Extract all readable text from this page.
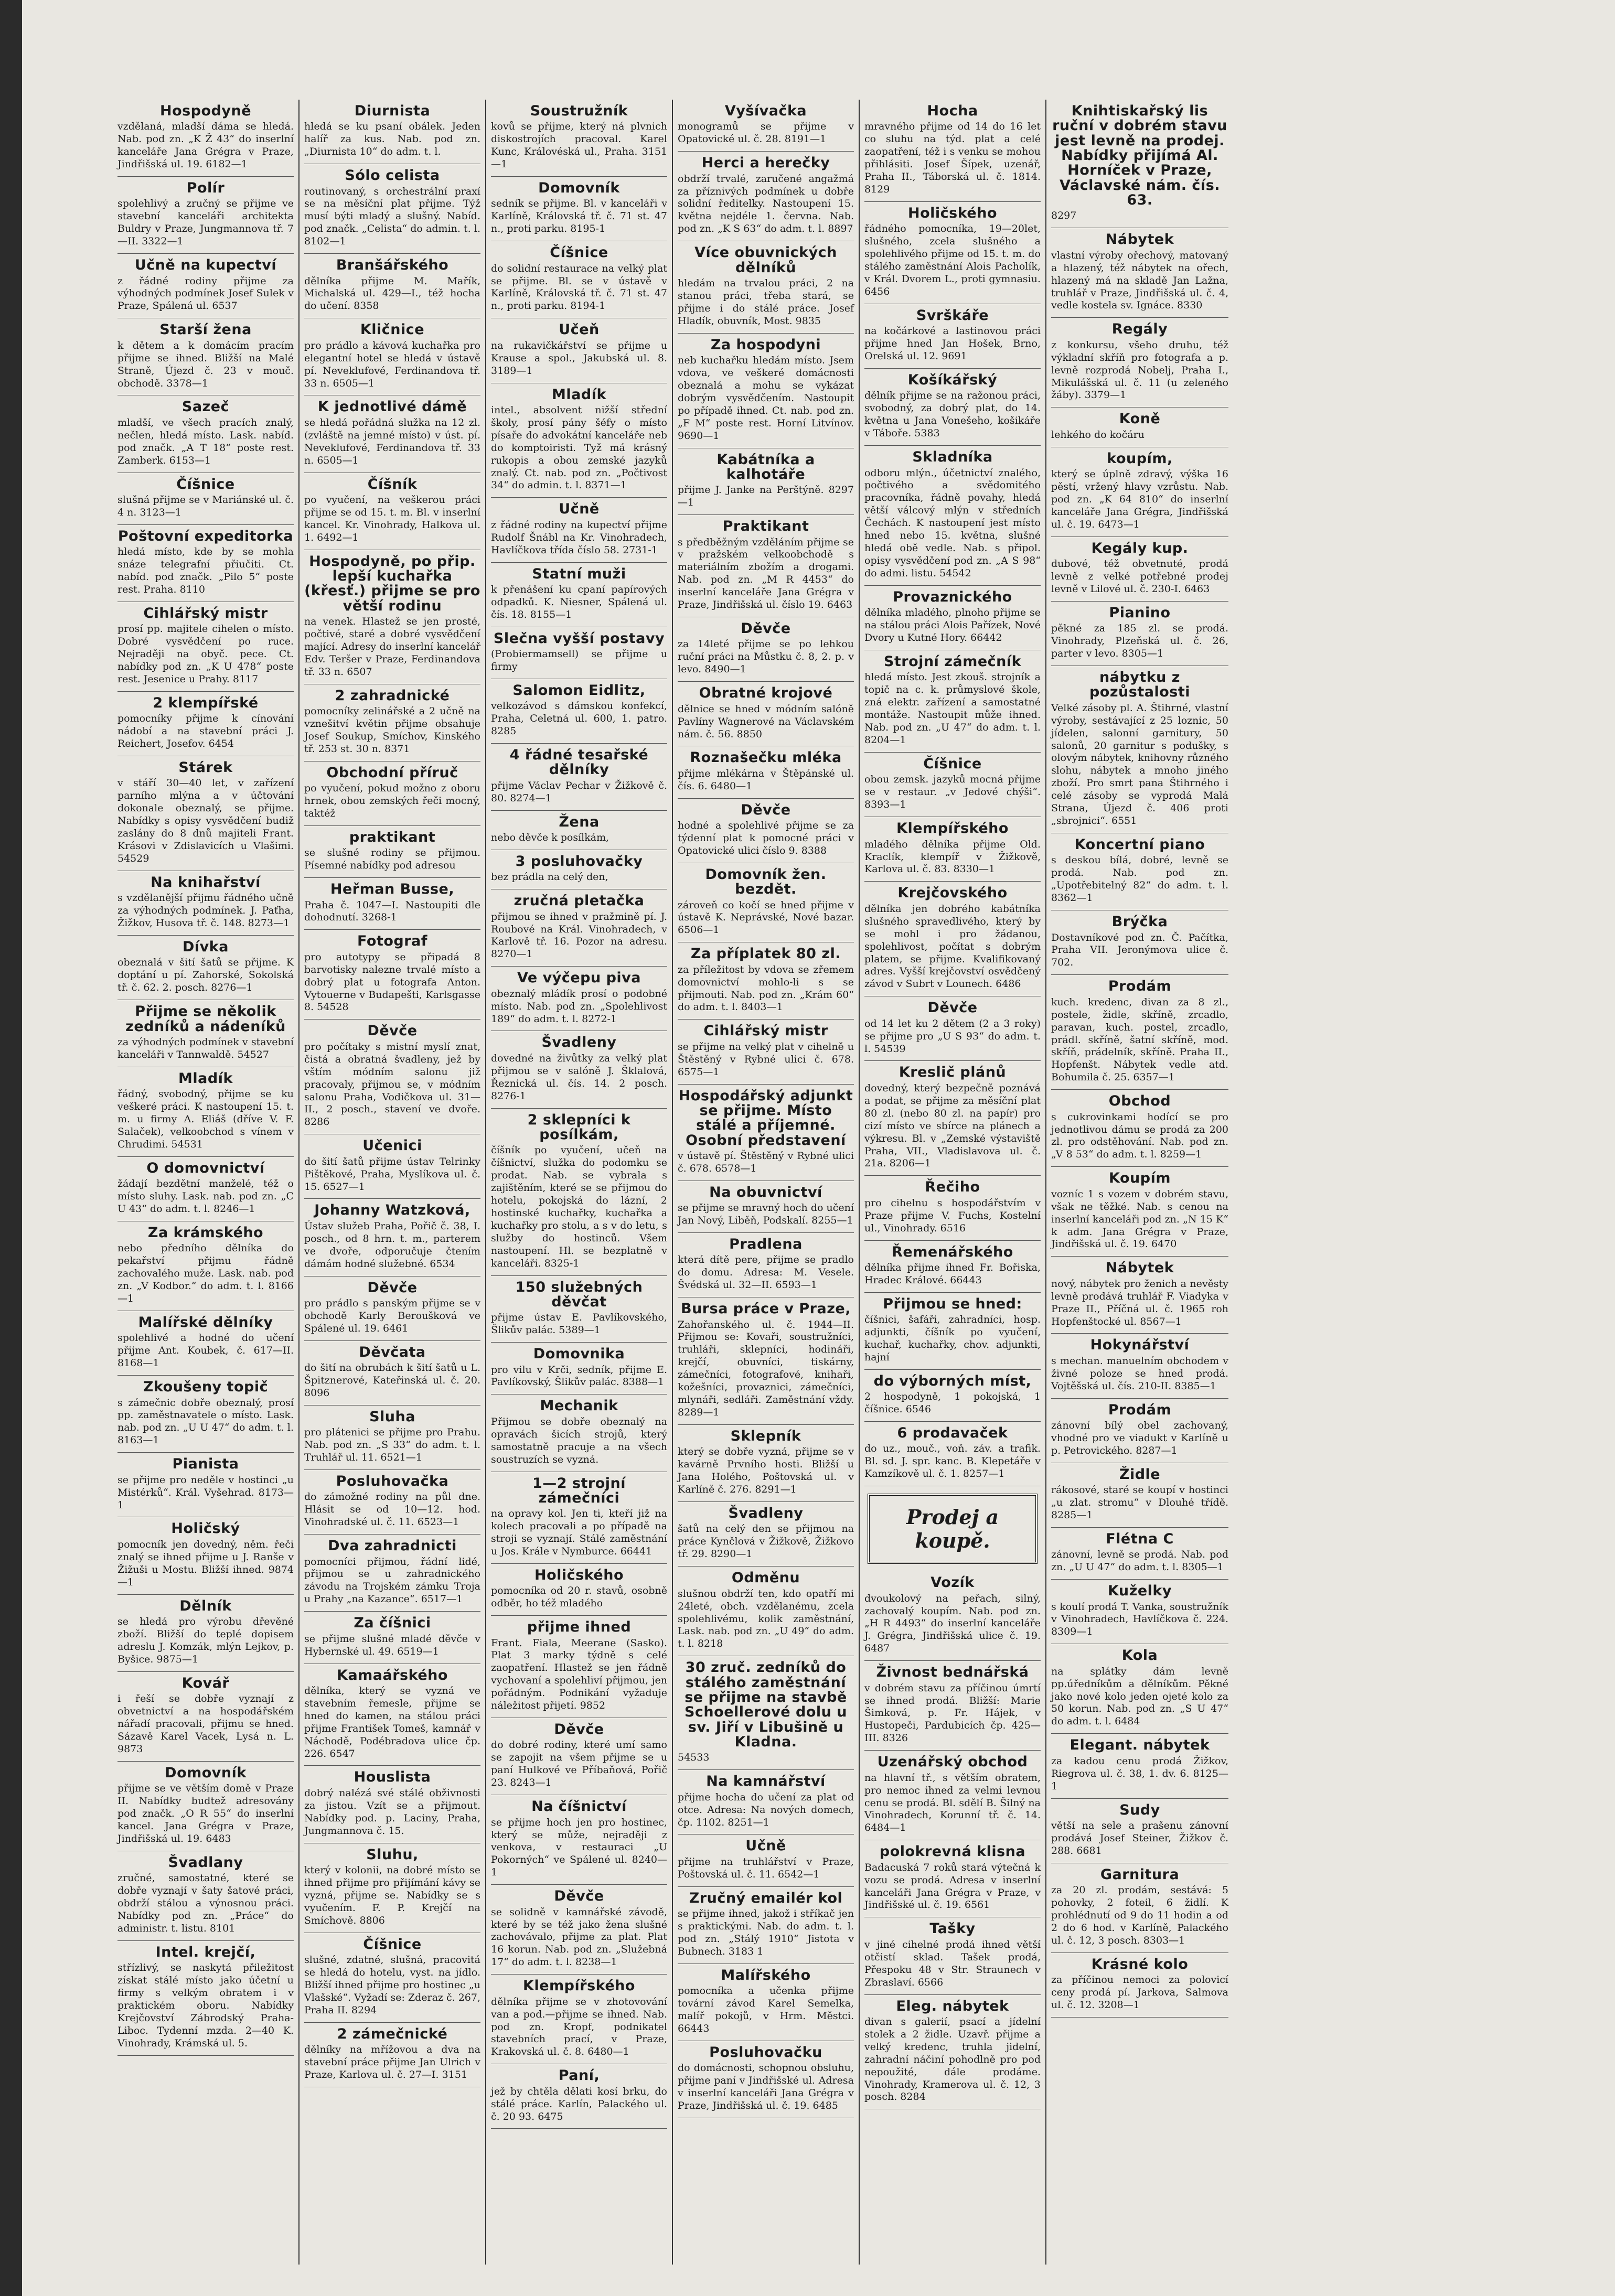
Hospodyně

vzdělaná, mladší dáma se hledá. Nab. pod zn. „K Ž 43“ do inserlní kanceláře Jana Grégra v Praze, Jindřišská ul. 19. 6182—1

Polír

spolehlivý a zručný se přijme ve stavební kanceláři architekta Buldry v Praze, Jungmannova tř. 7—II. 3322—1

Učně na kupectví

z řádné rodiny přijme za výhodných podmínek Josef Sulek v Praze, Spálená ul. 6537

Starší žena

k dětem a k domácím pracím přijme se ihned. Bližší na Malé Straně, Újezd č. 23 v mouč. obchodě. 3378—1

Sazeč

mladší, ve všech pracích znalý, nečlen, hledá místo. Lask. nabíd. pod značk. „A T 18“ poste rest. Zamberk. 6153—1

Číšnice

slušná přijme se v Mariánské ul. č. 4 n. 3123—1

Poštovní expeditorka

hledá místo, kde by se mohla snáze telegrafní přiučiti. Ct. nabíd. pod značk. „Pilo 5“ poste rest. Praha. 8110

Cihlářský mistr

prosí pp. majitele cihelen o místo. Dobré vysvědčení po ruce. Nejraději na obyč. pece. Ct. nabídky pod zn. „K U 478“ poste rest. Jesenice u Prahy. 8117

2 klempířské

pomocníky přijme k cínování nádobí a na stavební práci J. Reichert, Josefov. 6454

Stárek

v stáří 30—40 let, v zařízení parního mlýna a v účtování dokonale obeznalý, se přijme. Nabídky s opisy vysvědčení budiž zaslány do 8 dnů majiteli Frant. Krásovi v Zdislavicích u Vlašimi. 54529

Na knihařství

s vzdělanější přijmu řádného učně za výhodných podmínek. J. Paťha, Žižkov, Husova tř. č. 148. 8273—1

Dívka

obeznalá v šití šatů se přijme. K doptání u pí. Zahorské, Sokolská tř. č. 62. 2. posch. 8276—1

Přijme se několik zedníků a nádeníků

za výhodných podmínek v stavební kanceláři v Tannwaldě. 54527

Mladík

řádný, svobodný, přijme se ku veškeré práci. K nastoupení 15. t. m. u firmy A. Eliáš (dříve V. F. Salaček), velkoobchod s vínem v Chrudimi. 54531

O domovnictví

žádají bezdětní manželé, též o místo sluhy. Lask. nab. pod zn. „C U 43“ do adm. t. l. 8246—1

Za krámského

nebo předního dělníka do pekařství přijmu řádně zachovalého muže. Lask. nab. pod zn. „V Kodbor.“ do adm. t. l. 8166—1

Malířské dělníky

spolehlivé a hodné do učení přijme Ant. Koubek, č. 617—II. 8168—1

Zkoušeny topič

s zámečnic dobře obeznalý, prosí pp. zaměstnavatele o místo. Lask. nab. pod zn. „U U 47“ do adm. t. l. 8163—1

Pianista

se přijme pro neděle v hostinci „u Mistérků“. Král. Vyšehrad. 8173—1

Holičský

pomocník jen dovedný, něm. řeči znalý se ihned přijme u J. Ranše v Žižuši u Mostu. Bližší ihned. 9874—1

Dělník

se hledá pro výrobu dřevěné zboží. Bližší do teplé dopisem adreslu J. Komzák, mlýn Lejkov, p. Byšice. 9875—1

Kovář

i řeší se dobře vyznají z obvetnictví a na hospodářském nářadí pracovali, přijmu se hned. Sázavě Karel Vacek, Lysá n. L. 9873

Domovník

přijme se ve větším domě v Praze II. Nabídky budtež adresovány pod značk. „O R 55“ do inserlní kancel. Jana Grégra v Praze, Jindřišská ul. 19. 6483

Švadlany

zručné, samostatné, které se dobře vyznají v šaty šatové práci, obdrží stálou a výnosnou práci. Nabídky pod zn. „Práce“ do administr. t. listu. 8101

Intel. krejčí,

střízlivý, se naskytá přiležitost získat stálé místo jako účetní u firmy s velkým obratem i v praktickém oboru. Nabídky Krejčovství Zábrodský Praha-Liboc. Tydenní mzda. 2—40 K. Vinohrady, Krámská ul. 5.

Diurnista

hledá se ku psaní obálek. Jeden halíř za kus. Nab. pod zn. „Diurnista 10“ do adm. t. l.

Sólo celista

routinovaný, s orchestrální praxí se na měsíční plat přijme. Týž musí býti mladý a slušný. Nabíd. pod značk. „Celista“ do admin. t. l. 8102—1

Branšářského

dělníka přijme M. Mařík, Michalská ul. 429—I., též hocha do učení. 8358

Kličnice

pro prádlo a kávová kuchařka pro elegantní hotel se hledá v ústavě pí. Neveklufové, Ferdinandova tř. 33 n. 6505—1

K jednotlivé dámě

se hledá pořádná služka na 12 zl. (zvláště na jemné místo) v úst. pí. Neveklufové, Ferdinandova tř. 33 n. 6505—1

Číšník

po vyučení, na veškerou práci přijme se od 15. t. m. Bl. v inserlní kancel. Kr. Vinohrady, Halkova ul. 1. 6492—1

Hospodyně, po přip. lepší kuchařka (křesť.) přijme se pro větší rodinu

na venek. Hlastež se jen prosté, počtivé, staré a dobré vysvědčení mající. Adresy do inserlní kancelář Edv. Teršer v Praze, Ferdinandova tř. 33 n. 6507

2 zahradnické

pomocníky zelinářské a 2 učně na vznešitví květin přijme obsahuje Josef Soukup, Smíchov, Kinského tř. 253 st. 30 n. 8371

Obchodní příruč

po vyučení, pokud možno z oboru hrnek, obou zemských řeči mocný, taktéž

praktikant

se slušné rodiny se přijmou. Písemné nabídky pod adresou

Heřman Busse,

Praha č. 1047—I. Nastoupiti dle dohodnutí. 3268-1

Fotograf

pro autotypy se připadá 8 barvotisky nalezne trvalé místo a dobrý plat u fotografa Anton. Vytouerne v Budapešti, Karlsgasse 8. 54528

Děvče

pro počítaky s mistní myslí znat, čistá a obratná švadleny, jež by vštím módním salonu již pracovaly, přijmou se, v módním salonu Praha, Vodičkova ul. 31—II., 2 posch., stavení ve dvoře. 8286

Učenici

do šití šatů přijme ústav Telrinky Pištěkové, Praha, Myslíkova ul. č. 15. 6527—1

Johanny Watzková,

Ústav služeb Praha, Pořič č. 38, I. posch., od 8 hrn. t. m., parterem ve dvoře, odporučuje čtením dámám hodné služebné. 6534

Děvče

pro prádlo s panským přijme se v obchodě Karly Beroušková ve Spálené ul. 19. 6461

Děvčata

do šití na obrubách k šití šatů u L. Špitznerové, Kateřinská ul. č. 20. 8096

Sluha

pro plátenici se přijme pro Prahu. Nab. pod zn. „S 33“ do adm. t. l. Truhlář ul. 11. 6521—1

Posluhovačka

do zámožné rodiny na půl dne. Hlásit se od 10—12. hod. Vinohradské ul. č. 11. 6523—1

Dva zahradnicti

pomocníci přijmou, řádní lidé, přijmou se u zahradnického závodu na Trojském zámku Troja u Prahy „na Kazance“. 6517—1

Za číšnici

se přijme slušné mladé děvče v Hybernské ul. 49. 6519—1

Kamaářského

dělníka, který se vyzná ve stavebním řemesle, přijme se hned do kamen, na stálou práci přijme František Tomeš, kamnář v Náchodě, Podébradova ulice čp. 226. 6547

Houslista

dobrý nalézá své stálé obživnosti za jistou. Vzít se a přijmout. Nabídky pod. p. Laciny, Praha, Jungmannova č. 15.

Sluhu,

který v kolonii, na dobré místo se ihned přijme pro přijímání kávy se vyzná, přijme se. Nabídky se s vyučením. F. P. Krejčí na Smíchově. 8806

Číšnice

slušné, zdatné, slušná, pracovitá se hledá do hotelu, vyst. na jídlo. Bližší ihned přijme pro hostinec „u Vlašské“. Vyžadí se: Zderaz č. 267, Praha II. 8294

2 zámečnické

dělníky na mřížovou a dva na stavební práce přijme Jan Ulrich v Praze, Karlova ul. č. 27—I. 3151

Soustružník

kovů se přijme, který ná plvnich diskostrojích pracoval. Karel Kunc, Královéská ul., Praha. 3151—1

Domovník

sedník se přijme. Bl. v kanceláři v Karlíně, Královská tř. č. 71 st. 47 n., proti parku. 8195-1

Číšnice

do solidní restaurace na velký plat se přijme. Bl. se v ústavě v Karlíně, Královská tř. č. 71 st. 47 n., proti parku. 8194-1

Učeň

na rukavičkářství se přijme u Krause a spol., Jakubská ul. 8. 3189—1

Mladík

intel., absolvent nižší střední školy, prosí pány šéfy o místo písaře do advokátní kanceláře neb do komptoiristi. Tyž má krásný rukopis a obou zemské jazyků znalý. Ct. nab. pod zn. „Počtivost 34“ do admin. t. l. 8371—1

Učně

z řádné rodiny na kupectví přijme Rudolf Šnábl na Kr. Vinohradech, Havlíčkova třída číslo 58. 2731-1

Statní muži

k přenášení ku cpaní papírových odpadků. K. Niesner, Spálená ul. čís. 18. 8155—1

Slečna vyšší postavy

(Probiermamsell) se přijme u firmy

Salomon Eidlitz,

velkozávod s dámskou konfekcí, Praha, Celetná ul. 600, 1. patro. 8285

4 řádné tesařské dělníky

přijme Václav Pechar v Žižkově č. 80. 8274—1

Žena

nebo děvče k posílkám,

3 posluhovačky

bez prádla na celý den,

zručná pletačka

přijmou se ihned v pražmině pí. J. Roubové na Král. Vinohradech, v Karlově tř. 16. Pozor na adresu. 8270—1

Ve výčepu piva

obeznalý mládík prosí o podobné místo. Nab. pod zn. „Spolehlivost 189“ do adm. t. l. 8272-1

Švadleny

dovedné na živůtky za velký plat přijmou se v salóně J. Šklalová, Řeznická ul. čís. 14. 2 posch. 8276-1

2 sklepníci k posílkám,

číšník po vyučení, učeň na číšnictví, služka do podomku se prodat. Nab. se vybrala s zajištěním, které se se přijmou do hotelu, pokojská do lázní, 2 hostinské kuchařky, kuchařka a kuchařky pro stolu, a s v do letu, s služby do hostinců. Všem nastoupení. Hl. se bezplatně v kanceláři. 8325-1

150 služebných děvčat

přijme ústav E. Pavlíkovského, Šlikův palác. 5389—1

Domovnika

pro vilu v Krči, sedník, přijme E. Pavlíkovský, Šlikův palác. 8388—1

Mechanik

Přijmou se dobře obeznalý na opravách šicích strojů, který samostatně pracuje a na všech soustruzích se vyzná.

1—2 strojní zámečníci

na opravy kol. Jen ti, kteří již na kolech pracovali a po případě na stroji se vyznají. Stálé zaměstnání u Jos. Krále v Nymburce. 66441

Holičského

pomocníka od 20 r. stavů, osobně odběr, ho též mladého

přijme ihned

Frant. Fiala, Meerane (Sasko). Plat 3 marky týdně s celé zaopatření. Hlastež se jen řádně vychovaní a spolehliví přijmou, jen pořádným. Podnikání vyžaduje náležitost přijetí. 9852

Děvče

do dobré rodiny, které umí samo se zapojit na všem přijme se u paní Hulkové ve Příbaňová, Pořič 23. 8243—1

Na číšnictví

se přijme hoch jen pro hostinec, který se může, nejraději z venkova, v restauraci „U Pokorných“ ve Spálené ul. 8240—1

Děvče

se solidně v kamnářské závodě, které by se též jako žena slušné zachovávalo, přijme za plat. Plat 16 korun. Nab. pod zn. „Služebná 17“ do adm. t. l. 8238—1

Klempířského

dělníka přijme se v zhotovování van a pod.—přijme se ihned. Nab. pod zn. Kropf, podnikatel stavebních prací, v Praze, Krakovská ul. č. 8. 6480—1

Paní,

jež by chtěla dělati kosí brku, do stálé práce. Karlín, Palackého ul. č. 20 93. 6475

Vyšívačka

monogramů se přijme v Opatovické ul. č. 28. 8191—1

Herci a herečky

obdrží trvalé, zaručené angažmá za příznivých podmínek u dobře solidní ředitelky. Nastoupení 15. května nejdéle 1. června. Nab. pod zn. „K S 63“ do adm. t. l. 8897

Více obuvnických dělníků

hledám na trvalou práci, 2 na stanou práci, třeba stará, se přijme i do stálé práce. Josef Hladík, obuvník, Most. 9835

Za hospodyni

neb kuchařku hledám místo. Jsem vdova, ve veškeré domácnosti obeznalá a mohu se vykázat dobrým vysvědčením. Nastoupit po případě ihned. Ct. nab. pod zn. „F M“ poste rest. Horní Litvínov. 9690—1

Kabátníka a kalhotáře

přijme J. Janke na Perštýně. 8297—1

Praktikant

s předběžným vzděláním přijme se v pražském velkoobchodě s materiálním zbožím a drogami. Nab. pod zn. „M R 4453“ do inserlní kanceláře Jana Grégra v Praze, Jindřišská ul. číslo 19. 6463

Děvče

za 14leté přijme se po lehkou ruční práci na Můstku č. 8, 2. p. v levo. 8490—1

Obratné krojové

dělnice se hned v módním salóně Pavlíny Wagnerové na Václavském nám. č. 56. 8850

Roznašečku mléka

přijme mlékárna v Štěpánské ul. čís. 6. 6480—1

Děvče

hodné a spolehlivé přijme se za týdenní plat k pomocné práci v Opatovické ulici číslo 9. 8388

Domovník žen. bezdět.

zároveň co kočí se hned přijme v ústavě K. Neprávské, Nové bazar. 6506—1

Za příplatek 80 zl.

za příležitost by vdova se zřemem domovnictví mohlo-li s se přijmouti. Nab. pod zn. „Krám 60“ do adm. t. l. 8403—1

Cihlářský mistr

se přijme na velký plat v cihelně u Štěstěný v Rybné ulici č. 678. 6575—1

Hospodářský adjunkt se přijme. Místo stálé a příjemné. Osobní představení

v ústavě pí. Štěstěný v Rybné ulici č. 678. 6578—1

Na obuvnictví

se přijme se mravný hoch do učení Jan Nový, Liběň, Podskalí. 8255—1

Pradlena

která dítě pere, přijme se pradlo do domu. Adresa: M. Vesele. Švédská ul. 32—II. 6593—1

Bursa práce v Praze,

Zahořanského ul. č. 1944—II. Přijmou se: Kovaři, soustružníci, truhláři, sklepníci, hodináři, krejčí, obuvníci, tiskárny, zámečníci, fotografové, knihaři, kožešníci, provaznici, zámečníci, mlynáři, sedláři. Zaměstnání vždy. 8289—1

Sklepník

který se dobře vyzná, přijme se v kavárně Prvního hosti. Bližší u Jana Holého, Poštovská ul. v Karlíně č. 276. 8291—1

Švadleny

šatů na celý den se přijmou na práce Kynčlová v Žižkově, Žižkovo tř. 29. 8290—1

Odměnu

slušnou obdrží ten, kdo opatří mi 24leté, obch. vzdělanému, zcela spolehlivému, kolik zaměstnání, Lask. nab. pod zn. „U 49“ do adm. t. l. 8218

30 zruč. zedníků do stálého zaměstnání se přijme na stavbě Schoellerové dolu u sv. Jiří v Libušině u Kladna.

54533

Na kamnářství

přijme hocha do učení za plat od otce. Adresa: Na nových domech, čp. 1102. 8251—1

Učně

přijme na truhlářství v Praze, Poštovská ul. č. 11. 6542—1

Zručný emailér kol

se přijme ihned, jakož i stříkač jen s praktickými. Nab. do adm. t. l. pod zn. „Stálý 1910“ Jistota v Bubnech. 3183 1

Malířského

pomocníka a učenka přijme tovární závod Karel Semelka, malíř pokojů, v Hrm. Městci. 66443

Posluhovačku

do domácnosti, schopnou obsluhu, přijme paní v Jindřišské ul. Adresa v inserlní kanceláři Jana Grégra v Praze, Jindřišská ul. č. 19. 6485

Hocha

mravného přijme od 14 do 16 let co sluhu na týd. plat a celé zaopatření, též i s venku se mohou přihlásiti. Josef Šípek, uzenář, Praha II., Táborská ul. č. 1814. 8129

Holičského

řádného pomocníka, 19—20let, slušného, zcela slušného a spolehlivého přijme od 15. t. m. do stálého zaměstnání Alois Pacholík, v Král. Dvorem L., proti gymnasiu. 6456

Svrškáře

na kočárkové a lastinovou práci přijme hned Jan Hošek, Brno, Orelská ul. 12. 9691

Košíkářský

dělník přijme se na ražonou práci, svobodný, za dobrý plat, do 14. května u Jana Vonešeho, košikáře v Táboře. 5383

Skladníka

odboru mlýn., účetnictví znalého, počtivého a svědomitého pracovníka, řádně povahy, hledá větší válcový mlýn v středních Čechách. K nastoupení jest místo hned nebo 15. května, slušné hledá obě vedle. Nab. s připol. opisy vysvědčení pod zn. „A S 98“ do admi. listu. 54542

Provaznického

dělníka mladého, plnoho přijme se na stálou práci Alois Pařízek, Nové Dvory u Kutné Hory. 66442

Strojní zámečník

hledá místo. Jest zkouš. strojník a topič na c. k. průmyslové škole, zná elektr. zařízení a samostatné montáže. Nastoupit může ihned. Nab. pod zn. „U 47“ do adm. t. l. 8204—1

Číšnice

obou zemsk. jazyků mocná přijme se v restaur. „v Jedové chýši“. 8393—1

Klempířského

mladého dělníka přijme Old. Kraclík, klempíř v Žižkově, Karlova ul. č. 83. 8330—1

Krejčovského

dělníka jen dobrého kabátníka slušného spravedlivého, který by se mohl i pro žádanou, spolehlivost, počítat s dobrým platem, se přijme. Kvalifikovaný adres. Vyšší krejčovství osvědčený závod v Subrt v Lounech. 6486

Děvče

od 14 let ku 2 dětem (2 a 3 roky) se přijme pro „U S 93“ do adm. t. l. 54539

Kreslič plánů

dovedný, který bezpečně poznává a podat, se přijme za měsíční plat 80 zl. (nebo 80 zl. na papír) pro cizí místo ve sbírce na plánech a výkresu. Bl. v „Zemské výstaviště Praha, VII., Vladislavova ul. č. 21a. 8206—1

Řečiho

pro cihelnu s hospodářstvím v Praze přijme V. Fuchs, Kostelní ul., Vinohrady. 6516

Řemenářského

dělníka přijme ihned Fr. Bořiska, Hradec Králové. 66443

Přijmou se hned:

číšnici, šafáři, zahradníci, hosp. adjunkti, číšník po vyučení, kuchař, kuchařky, chov. adjunkti, hajní

do výborných míst,

2 hospodyně, 1 pokojská, 1 číšnice. 6546

6 prodavaček

do uz., mouč., voň. záv. a trafik. Bl. sd. J. spr. kanc. B. Klepetáře v Kamzíkově ul. č. 1. 8257—1

Prodej a koupě.
Vozík

dvoukolový na peřach, silný, zachovalý koupím. Nab. pod zn. „H R 4493“ do inserlní kanceláře J. Grégra, Jindřišská ulice č. 19. 6487

Živnost bednářská

v dobrém stavu za příčinou úmrtí se ihned prodá. Bližší: Marie Šimková, p. Fr. Hájek, v Hustopeči, Pardubicích čp. 425—III. 8326

Uzenářský obchod

na hlavní tř., s větším obratem, pro nemoc ihned za velmi levnou cenu se prodá. Bl. sdělí B. Šilný na Vinohradech, Korunní tř. č. 14. 6484—1

polokrevná klisna

Badacuská 7 roků stará výtečná k vozu se prodá. Adresa v inserlní kanceláři Jana Grégra v Praze, v Jindřišské ul. č. 19. 6561

Tašky

v jiné cihelné prodá ihned větší otčistí sklad. Tašek prodá, Přespoku 48 v Str. Straunech v Zbraslaví. 6566

Eleg. nábytek

divan s galerií, psací a jídelní stolek a 2 židle. Uzavř. přijme a velký kredenc, truhla jidelní, zahradní náčiní pohodlně pro pod nepoužité, dále prodáme. Vinohrady, Kramerova ul. č. 12, 3 posch. 8284

Knihtiskařský lis ruční v dobrém stavu jest levně na prodej. Nabídky přijímá Al. Horníček v Praze, Václavské nám. čís. 63.

8297

Nábytek

vlastní výroby ořechový, matovaný a hlazený, též nábytek na ořech, hlazený má na skladě Jan Lažna, truhlář v Praze, Jindřišská ul. č. 4, vedle kostela sv. Ignáce. 8330

Regály

z konkursu, všeho druhu, též výkladní skříň pro fotografa a p. levně rozprodá Nobelj, Praha I., Mikulášská ul. č. 11 (u zeleného žáby). 3379—1

Koně

lehkého do kočáru

koupím,

který se úplně zdravý, výška 16 pěstí, vržený hlavy vzrůstu. Nab. pod zn. „K 64 810“ do inserlní kanceláře Jana Grégra, Jindřišská ul. č. 19. 6473—1

Kegály kup.

dubové, též obvetnuté, prodá levně z velké potřebné prodej levně v Lilové ul. č. 230-I. 6463

Pianino

pěkné za 185 zl. se prodá. Vinohrady, Plzeňská ul. č. 26, parter v levo. 8305—1

nábytku z pozůstalosti

Velké zásoby pl. A. Štihrné, vlastní výroby, sestávající z 25 loznic, 50 jídelen, salonní garnitury, 50 salonů, 20 garnitur s podušky, s olovým nábytek, knihovny různého slohu, nábytek a mnoho jiného zboží. Pro smrt pana Štihrného i celé zásoby se vyprodá Malá Strana, Újezd č. 406 proti „sbrojnici“. 6551

Koncertní piano

s deskou bílá, dobré, levně se prodá. Nab. pod zn. „Upotřebitelný 82“ do adm. t. l. 8362—1

Brýčka

Dostavníkové pod zn. Č. Pačítka, Praha VII. Jeronýmova ulice č. 702.

Prodám

kuch. kredenc, divan za 8 zl., postele, židle, skříně, zrcadlo, paravan, kuch. postel, zrcadlo, prádl. skříně, šatní skříně, mod. skříň, prádelník, skříně. Praha II., Hopfenšt. Nábytek vedle atd. Bohumila č. 25. 6357—1

Obchod

s cukrovinkami hodící se pro jednotlivou dámu se prodá za 200 zl. pro odstěhování. Nab. pod zn. „V 8 53“ do adm. t. l. 8259—1

Koupím

vozníc 1 s vozem v dobrém stavu, však ne těžké. Nab. s cenou na inserlní kanceláři pod zn. „N 15 K“ k adm. Jana Grégra v Praze, Jindřišská ul. č. 19. 6470

Nábytek

nový, nábytek pro ženich a nevěsty levně prodává truhlář F. Viadyka v Praze II., Příčná ul. č. 1965 roh Hopfenštocké ul. 8567—1

Hokynářství

s mechan. manuelním obchodem v živné poloze se hned prodá. Vojtěšská ul. čís. 210-II. 8385—1

Prodám

zánovní bílý obel zachovaný, vhodné pro ve viadukt v Karlíně u p. Petrovického. 8287—1

Židle

rákosové, staré se koupí v hostinci „u zlat. stromu“ v Dlouhé třídě. 8285—1

Flétna C

zánovní, levně se prodá. Nab. pod zn. „U U 47“ do adm. t. l. 8305—1

Kuželky

s koulí prodá T. Vanka, soustružník v Vinohradech, Havlíčkova č. 224. 8309—1

Kola

na splátky dám levně pp.úředníkům a dělníkům. Pěkné jako nové kolo jeden ojeté kolo za 50 korun. Nab. pod zn. „S U 47“ do adm. t. l. 6484

Elegant. nábytek

za kadou cenu prodá Žižkov, Riegrova ul. č. 38, 1. dv. 6. 8125—1

Sudy

větší na sele a prašenu zánovní prodává Josef Steiner, Žižkov č. 288. 6681

Garnitura

za 20 zl. prodám, sestává: 5 pohovky, 2 foteil, 6 židlí. K prohlédnutí od 9 do 11 hodin a od 2 do 6 hod. v Karlíně, Palackého ul. č. 12, 3 posch. 8303—1

Krásné kolo

za příčinou nemoci za polovicí ceny prodá pí. Jarkova, Salmova ul. č. 12. 3208—1
